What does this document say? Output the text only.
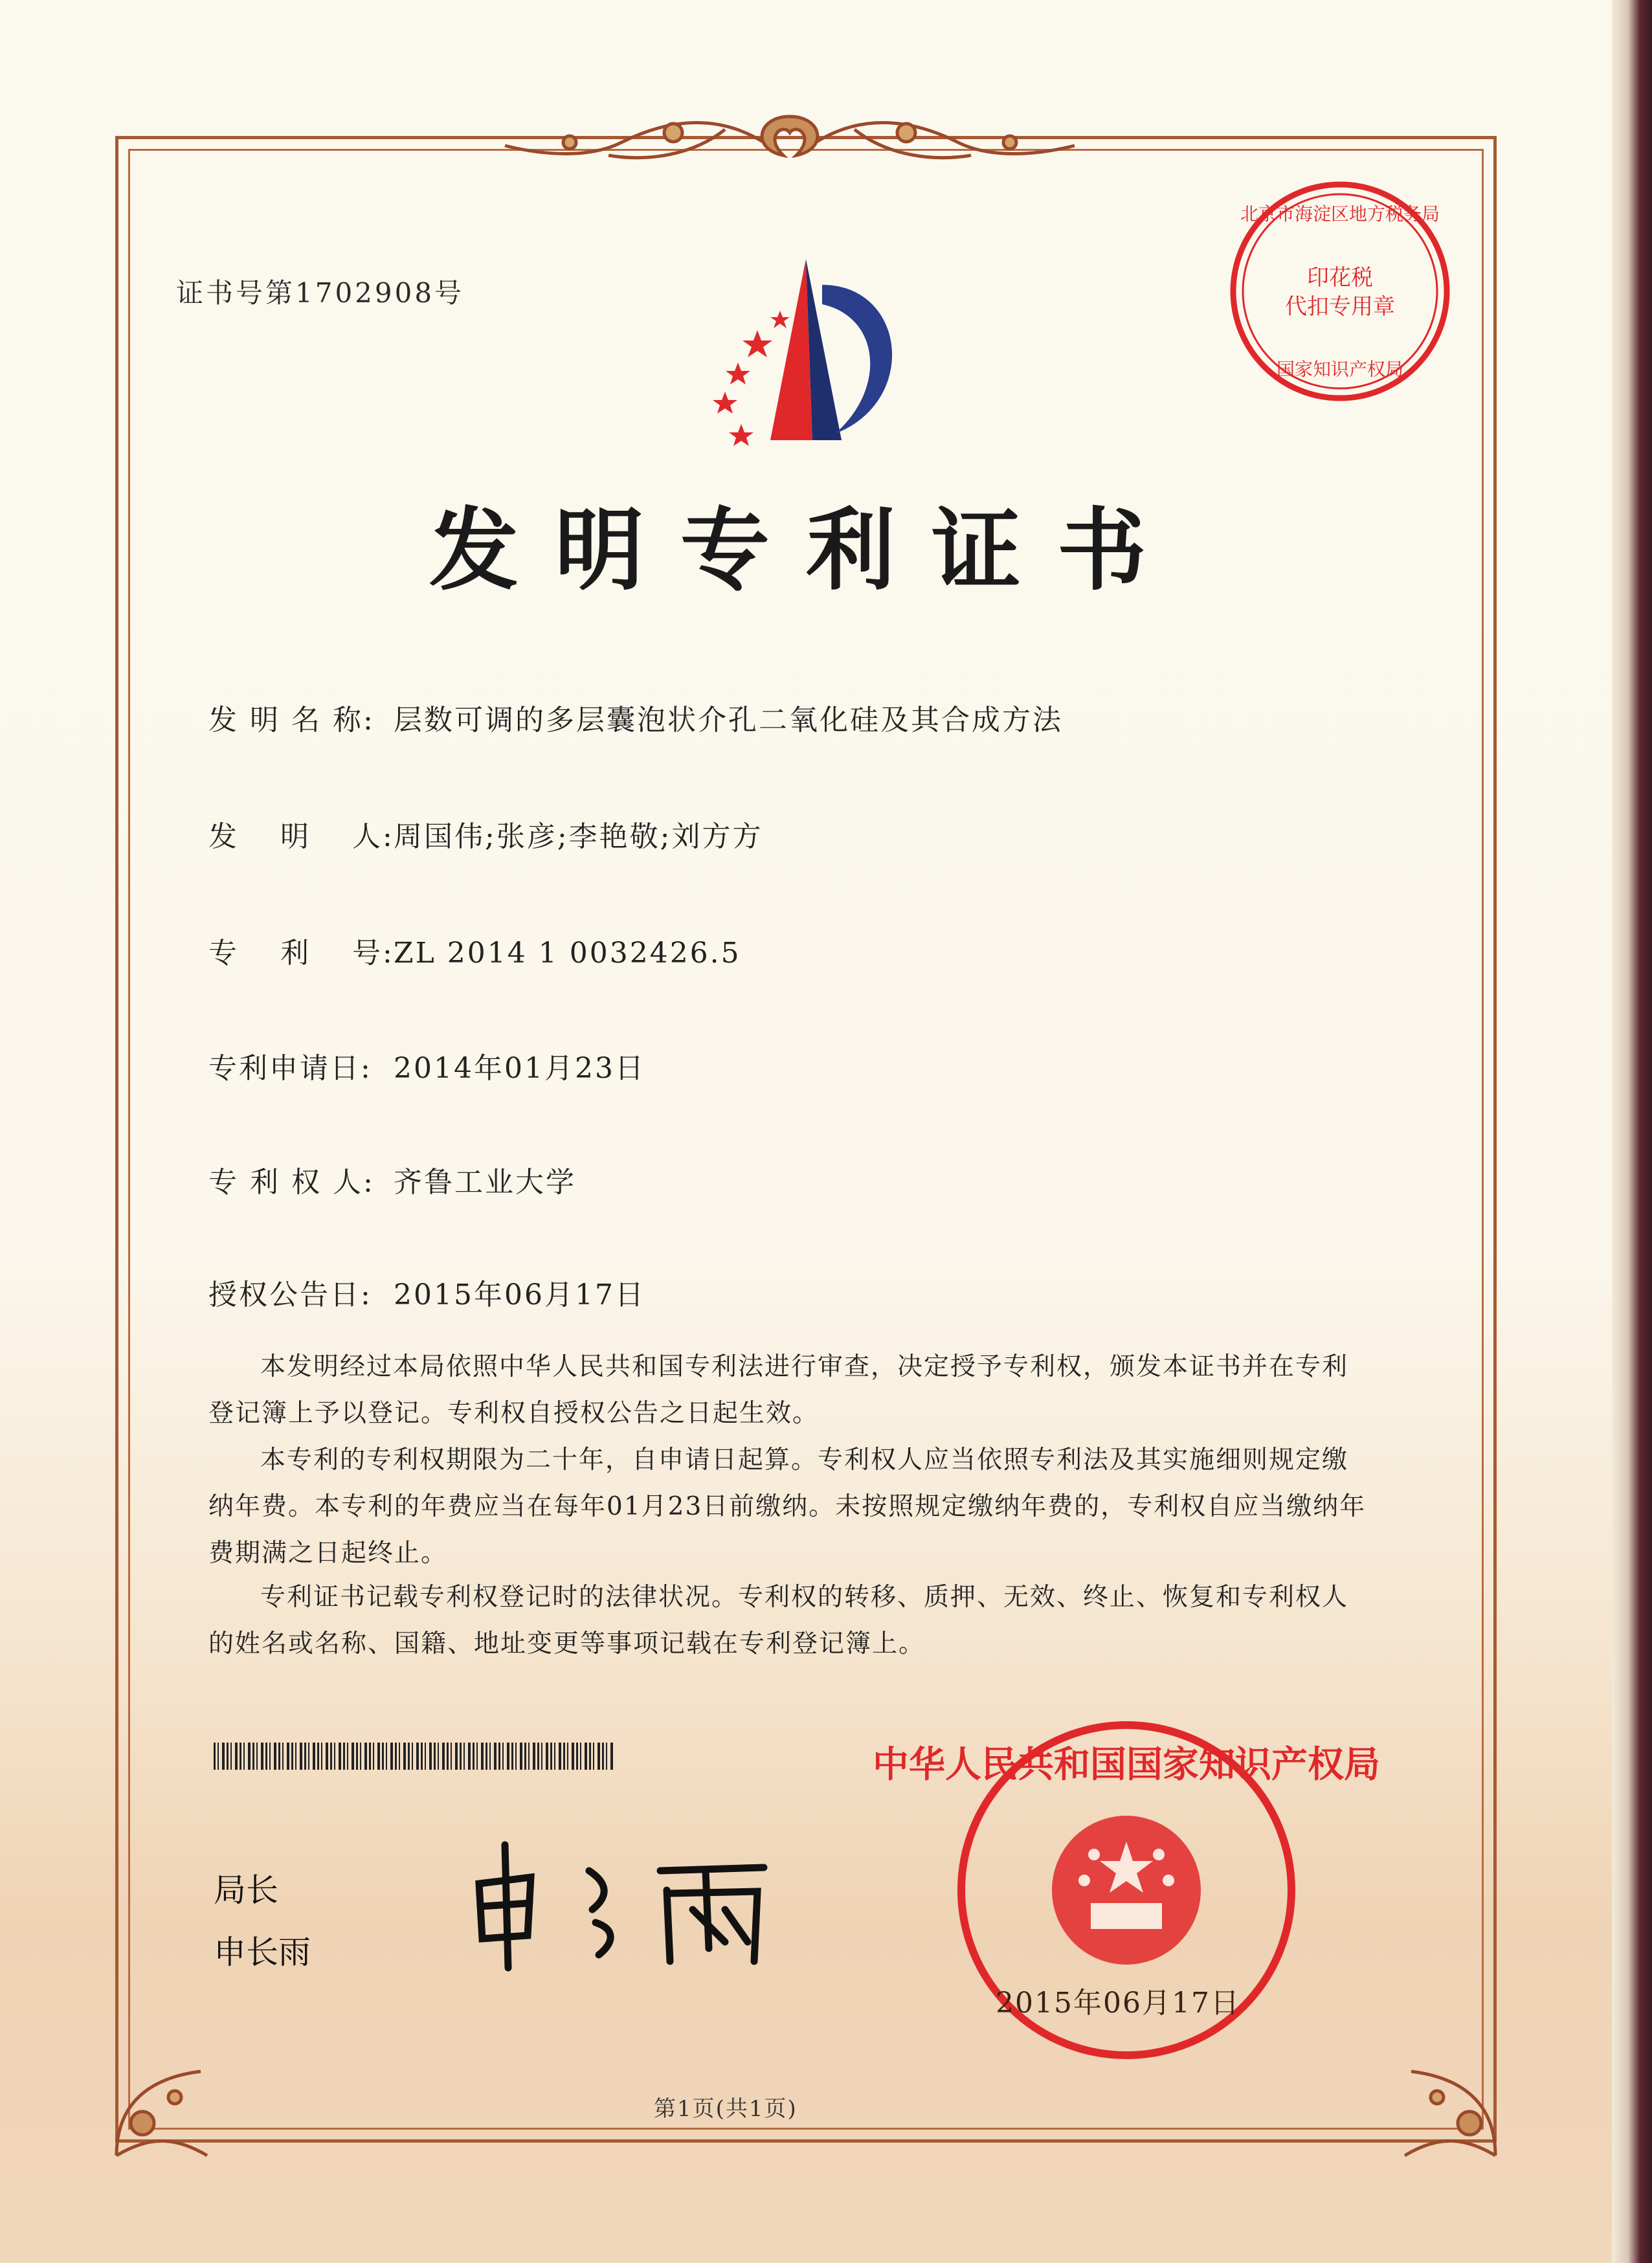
证书号第1702908号	印花税
代扣专用章
北京市海淀区地方税务局
国家知识产权局
发明专利证书
发 明 名 称: 层数可调的多层囊泡状介孔二氧化硅及其合成方法
发　 明　 人:周国伟;张彦;李艳敬;刘方方
专　 利　 号:ZL 2014 1 0032426.5
专利申请日: 2014年01月23日
专 利 权 人: 齐鲁工业大学
授权公告日: 2015年06月17日
本发明经过本局依照中华人民共和国专利法进行审查，决定授予专利权，颁发本证书并在专利登记簿上予以登记。专利权自授权公告之日起生效。
本专利的专利权期限为二十年，自申请日起算。专利权人应当依照专利法及其实施细则规定缴纳年费。本专利的年费应当在每年01月23日前缴纳。未按照规定缴纳年费的，专利权自应当缴纳年费期满之日起终止。
专利证书记载专利权登记时的法律状况。专利权的转移、质押、无效、终止、恢复和专利权人的姓名或名称、国籍、地址变更等事项记载在专利登记簿上。
局长
申长雨
中华人民共和国国家知识产权局
2015年06月17日
第1页(共1页)
